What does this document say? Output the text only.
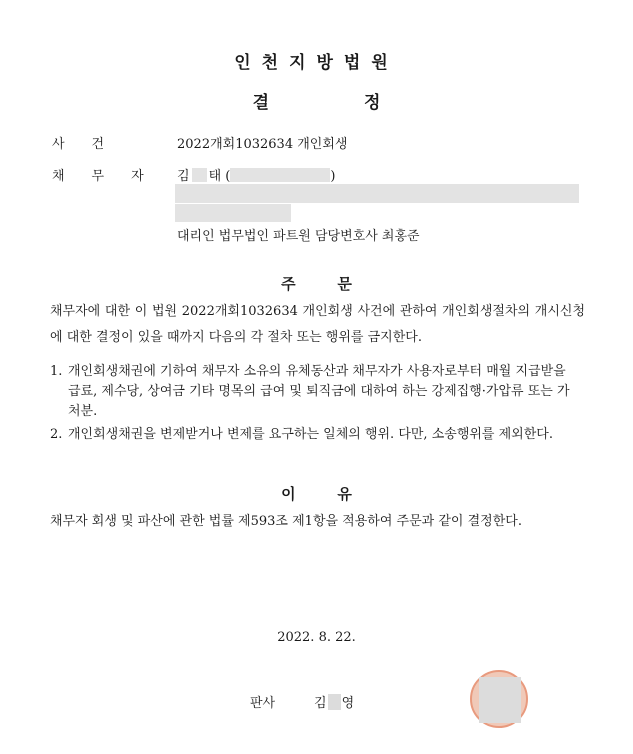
인천지방법원
결	정
사건	2022개회1032634 개인회생
채무자 김 태 (	)
대리인 법무법인 파트원 담당변호사 최홍준
주        문
채무자에 대한 이 법원 2022개회1032634 개인회생 사건에 관하여 개인회생절차의 개시신청에 대한 결정이 있을 때까지 다음의 각 절차 또는 행위를 금지한다.
1. 개인회생채권에 기하여 채무자 소유의 유체동산과 채무자가 사용자로부터 매월 지급받을 급료, 제수당, 상여금 기타 명목의 급여 및 퇴직금에 대하여 하는 강제집행·가압류 또는 가처분.
2. 개인회생채권을 변제받거나 변제를 요구하는 일체의 행위. 다만, 소송행위를 제외한다.
이        유
채무자 회생 및 파산에 관한 법률 제593조 제1항을 적용하여 주문과 같이 결정한다.
2022. 8. 22.
판사	김 영
